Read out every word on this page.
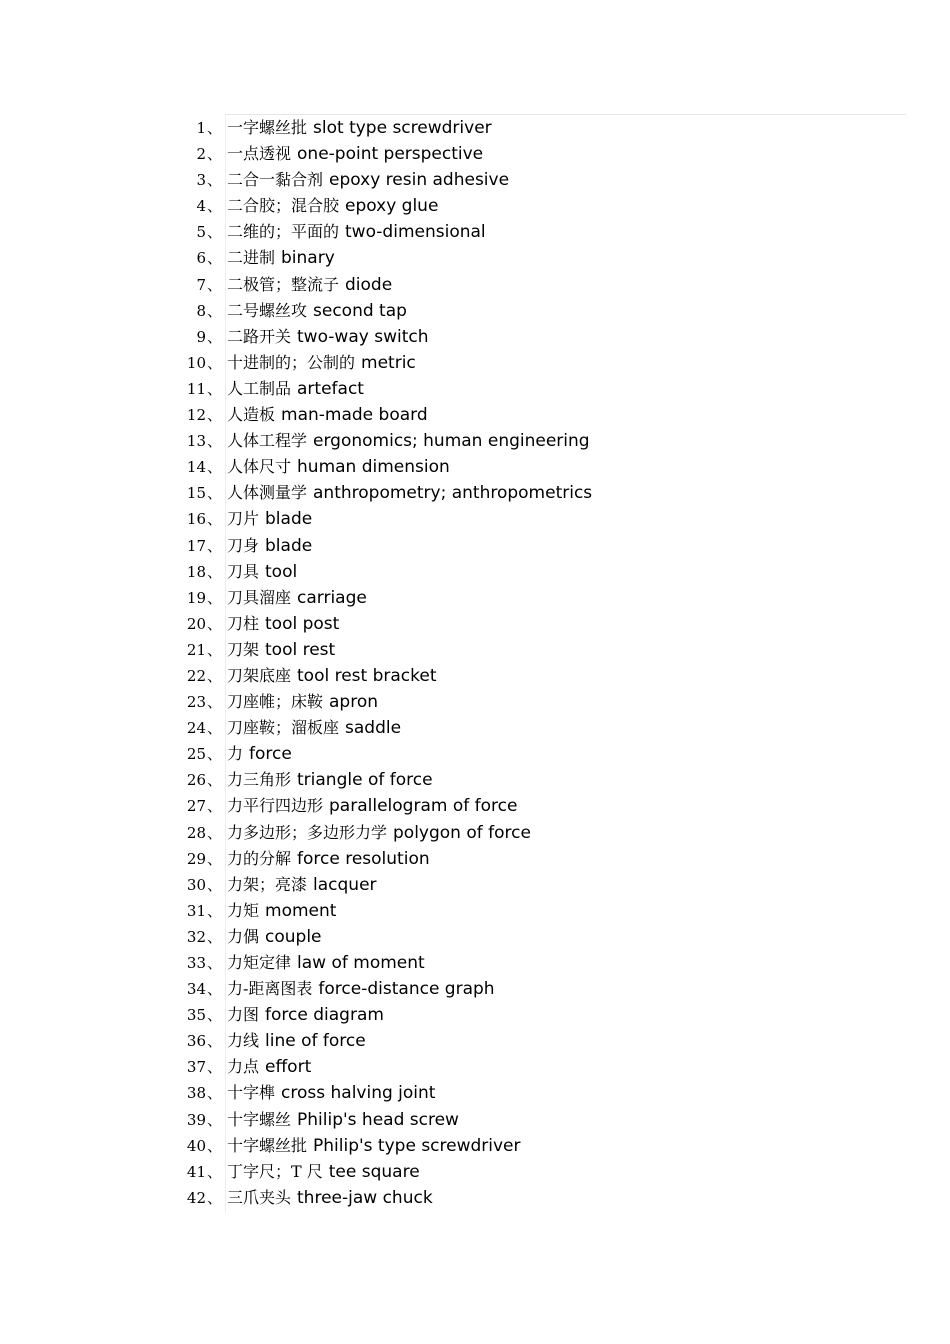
1、 一字螺丝批 slot type screwdriver
2、 一点透视 one-point perspective
3、 二合一黏合剂 epoxy resin adhesive
4、 二合胶；混合胶 epoxy glue
5、 二维的；平面的 two-dimensional
6、 二进制 binary
7、 二极管；整流子 diode
8、 二号螺丝攻 second tap
9、 二路开关 two-way switch
10、 十进制的；公制的 metric
11、 人工制品 artefact
12、 人造板 man-made board
13、 人体工程学 ergonomics; human engineering
14、 人体尺寸 human dimension
15、 人体测量学 anthropometry; anthropometrics
16、 刀片 blade
17、 刀身 blade
18、 刀具 tool
19、 刀具溜座 carriage
20、 刀柱 tool post
21、 刀架 tool rest
22、 刀架底座 tool rest bracket
23、 刀座帷；床鞍 apron
24、 刀座鞍；溜板座 saddle
25、 力 force
26、 力三角形 triangle of force
27、 力平行四边形 parallelogram of force
28、 力多边形；多边形力学 polygon of force
29、 力的分解 force resolution
30、 力架；亮漆 lacquer
31、 力矩 moment
32、 力偶 couple
33、 力矩定律 law of moment
34、 力-距离图表 force-distance graph
35、 力图 force diagram
36、 力线 line of force
37、 力点 effort
38、 十字榫 cross halving joint
39、 十字螺丝 Philip's head screw
40、 十字螺丝批 Philip's type screwdriver
41、 丁字尺；T 尺 tee square
42、 三爪夹头 three-jaw chuck
